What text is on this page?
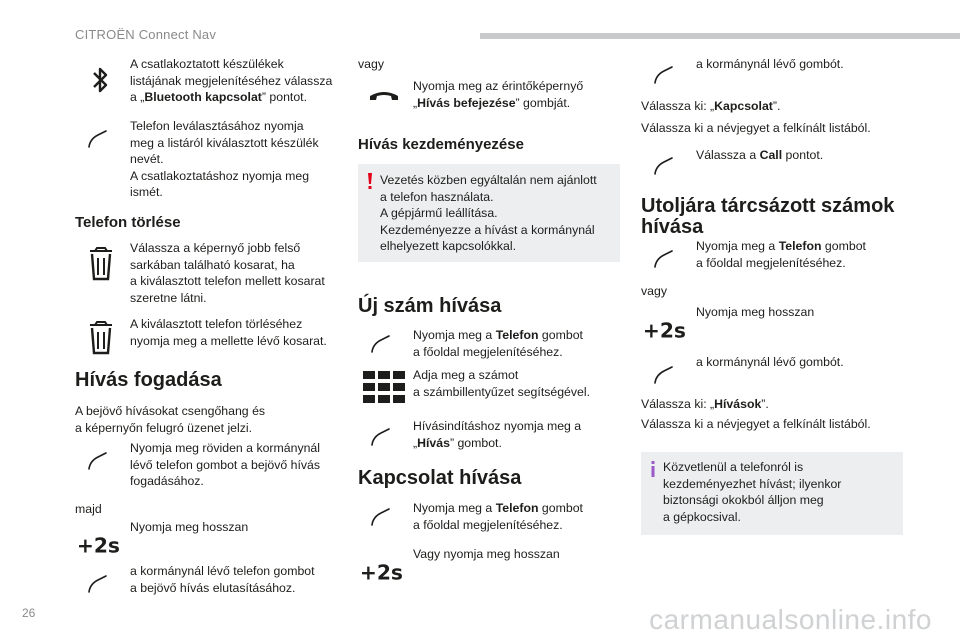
CITROËN Connect Nav
A csatlakoztatott készülékek
listájának megjelenítéséhez válassza
a „Bluetooth kapcsolat” pontot.
Telefon leválasztásához nyomja
meg a listáról kiválasztott készülék
nevét.
A csatlakoztatáshoz nyomja meg
ismét.
Telefon törlése
Válassza a képernyő jobb felső
sarkában található kosarat, ha
a kiválasztott telefon mellett kosarat
szeretne látni.
A kiválasztott telefon törléséhez
nyomja meg a mellette lévő kosarat.
Hívás fogadása
A bejövő hívásokat csengőhang és
a képernyőn felugró üzenet jelzi.
Nyomja meg röviden a kormánynál
lévő telefon gombot a bejövő hívás
fogadásához.
majd
+2s
Nyomja meg hosszan
a kormánynál lévő telefon gombot
a bejövő hívás elutasításához.
vagy
Nyomja meg az érintőképernyő
„Hívás befejezése” gombját.
Hívás kezdeményezése
Vezetés közben egyáltalán nem ajánlott
a telefon használata.
A gépjármű leállítása.
Kezdeményezze a hívást a kormánynál
elhelyezett kapcsolókkal.
Új szám hívása
Nyomja meg a Telefon gombot
a főoldal megjelenítéséhez.
Adja meg a számot
a számbillentyűzet segítségével.
Hívásindításhoz nyomja meg a
„Hívás” gombot.
Kapcsolat hívása
Nyomja meg a Telefon gombot
a főoldal megjelenítéséhez.
+2s
Vagy nyomja meg hosszan
a kormánynál lévő gombót.
Válassza ki: „Kapcsolat”.
Válassza ki a névjegyet a felkínált listából.
Válassza a Call pontot.
Utoljára tárcsázott számok
hívása
Nyomja meg a Telefon gombot
a főoldal megjelenítéséhez.
vagy
+2s
Nyomja meg hosszan
a kormánynál lévő gombót.
Válassza ki: „Hívások”.
Válassza ki a névjegyet a felkínált listából.
Közvetlenül a telefonról is
kezdeményezhet hívást; ilyenkor
biztonsági okokból álljon meg
a gépkocsival.
26	carmanualsonline.info
